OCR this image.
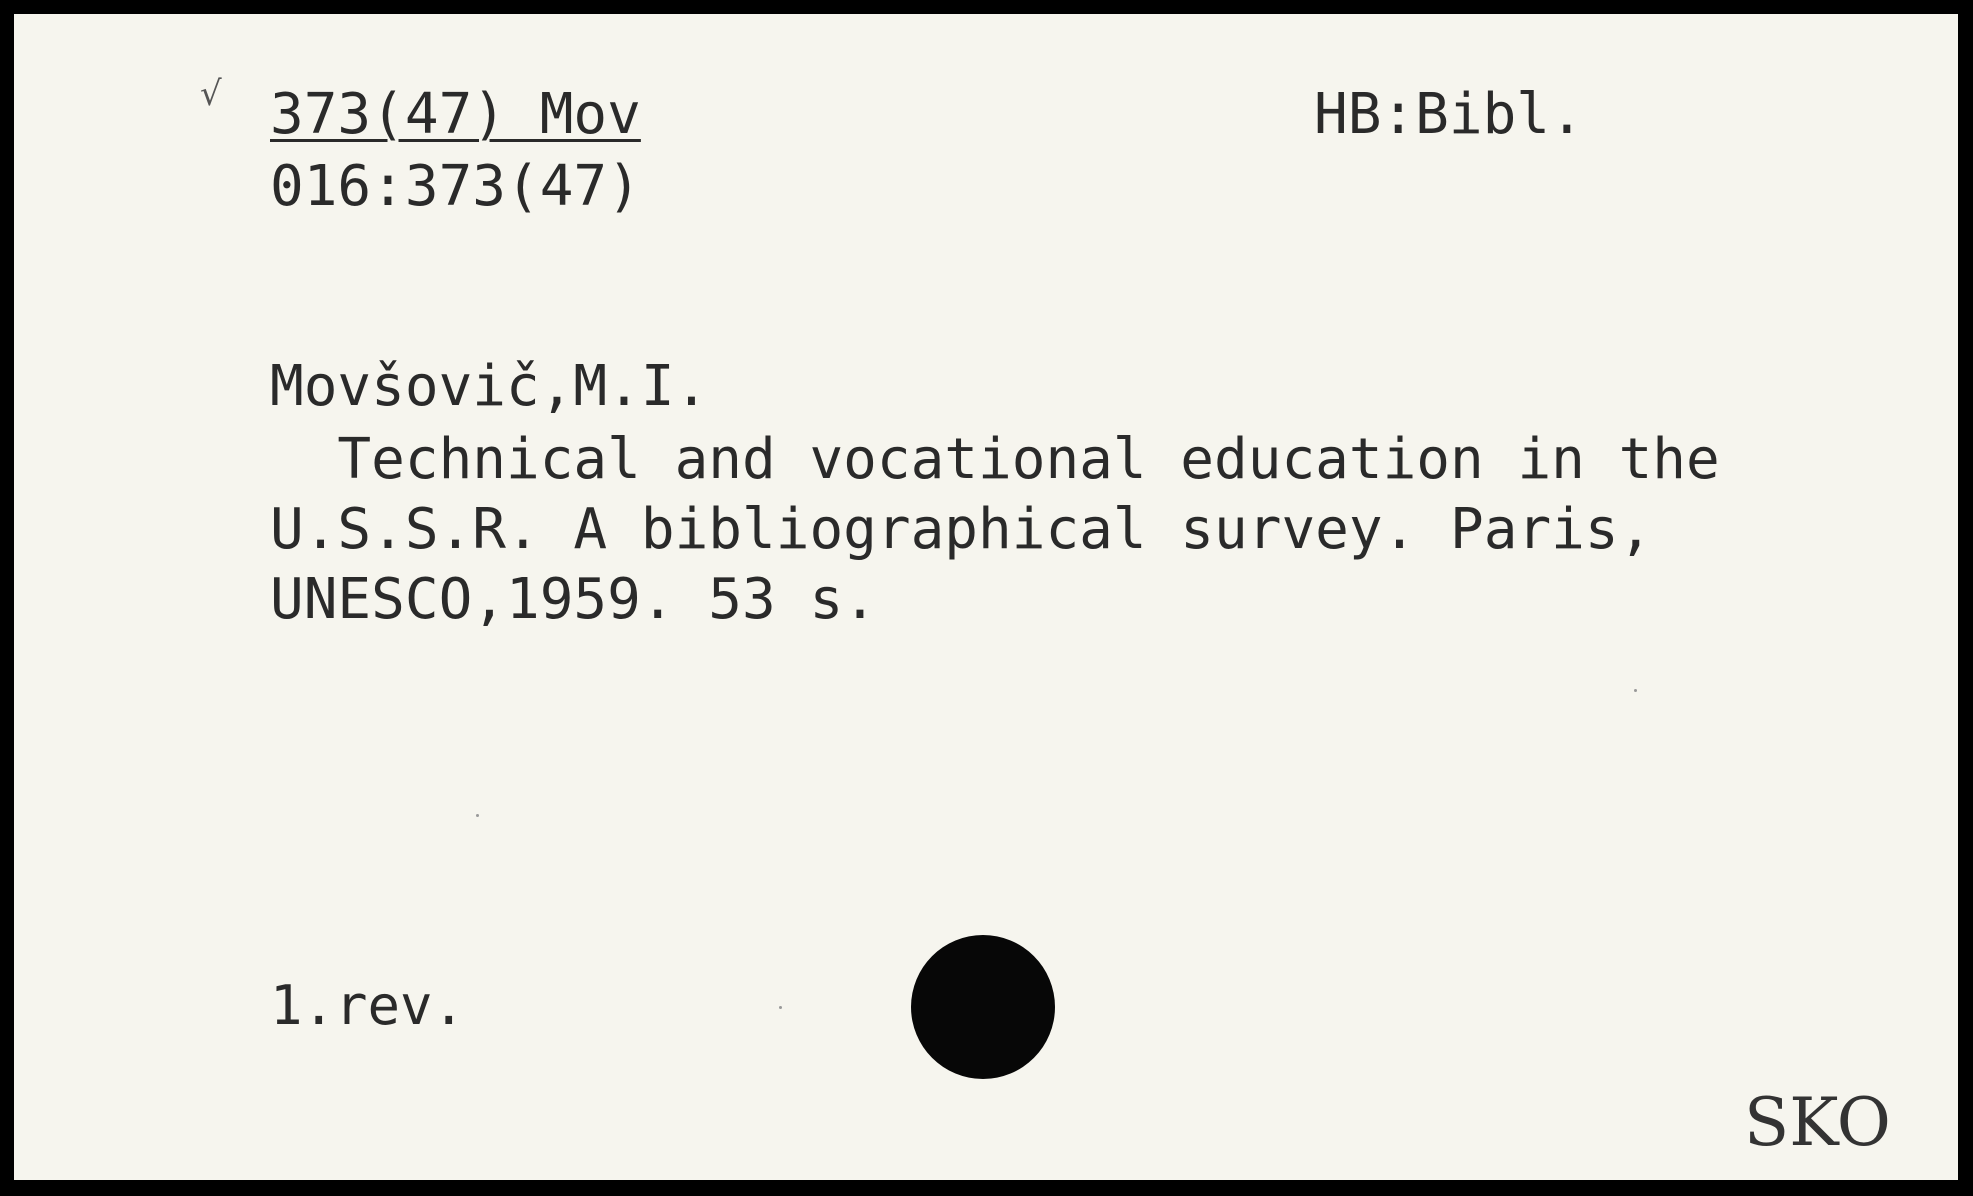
√ 373(47) Mov
016:373(47)
HB:Bibl.
Movšovič,M.I.
Technical and vocational education in the
U.S.S.R. A bibliographical survey. Paris,
UNESCO,1959. 53 s.
1.rev.
SKO
